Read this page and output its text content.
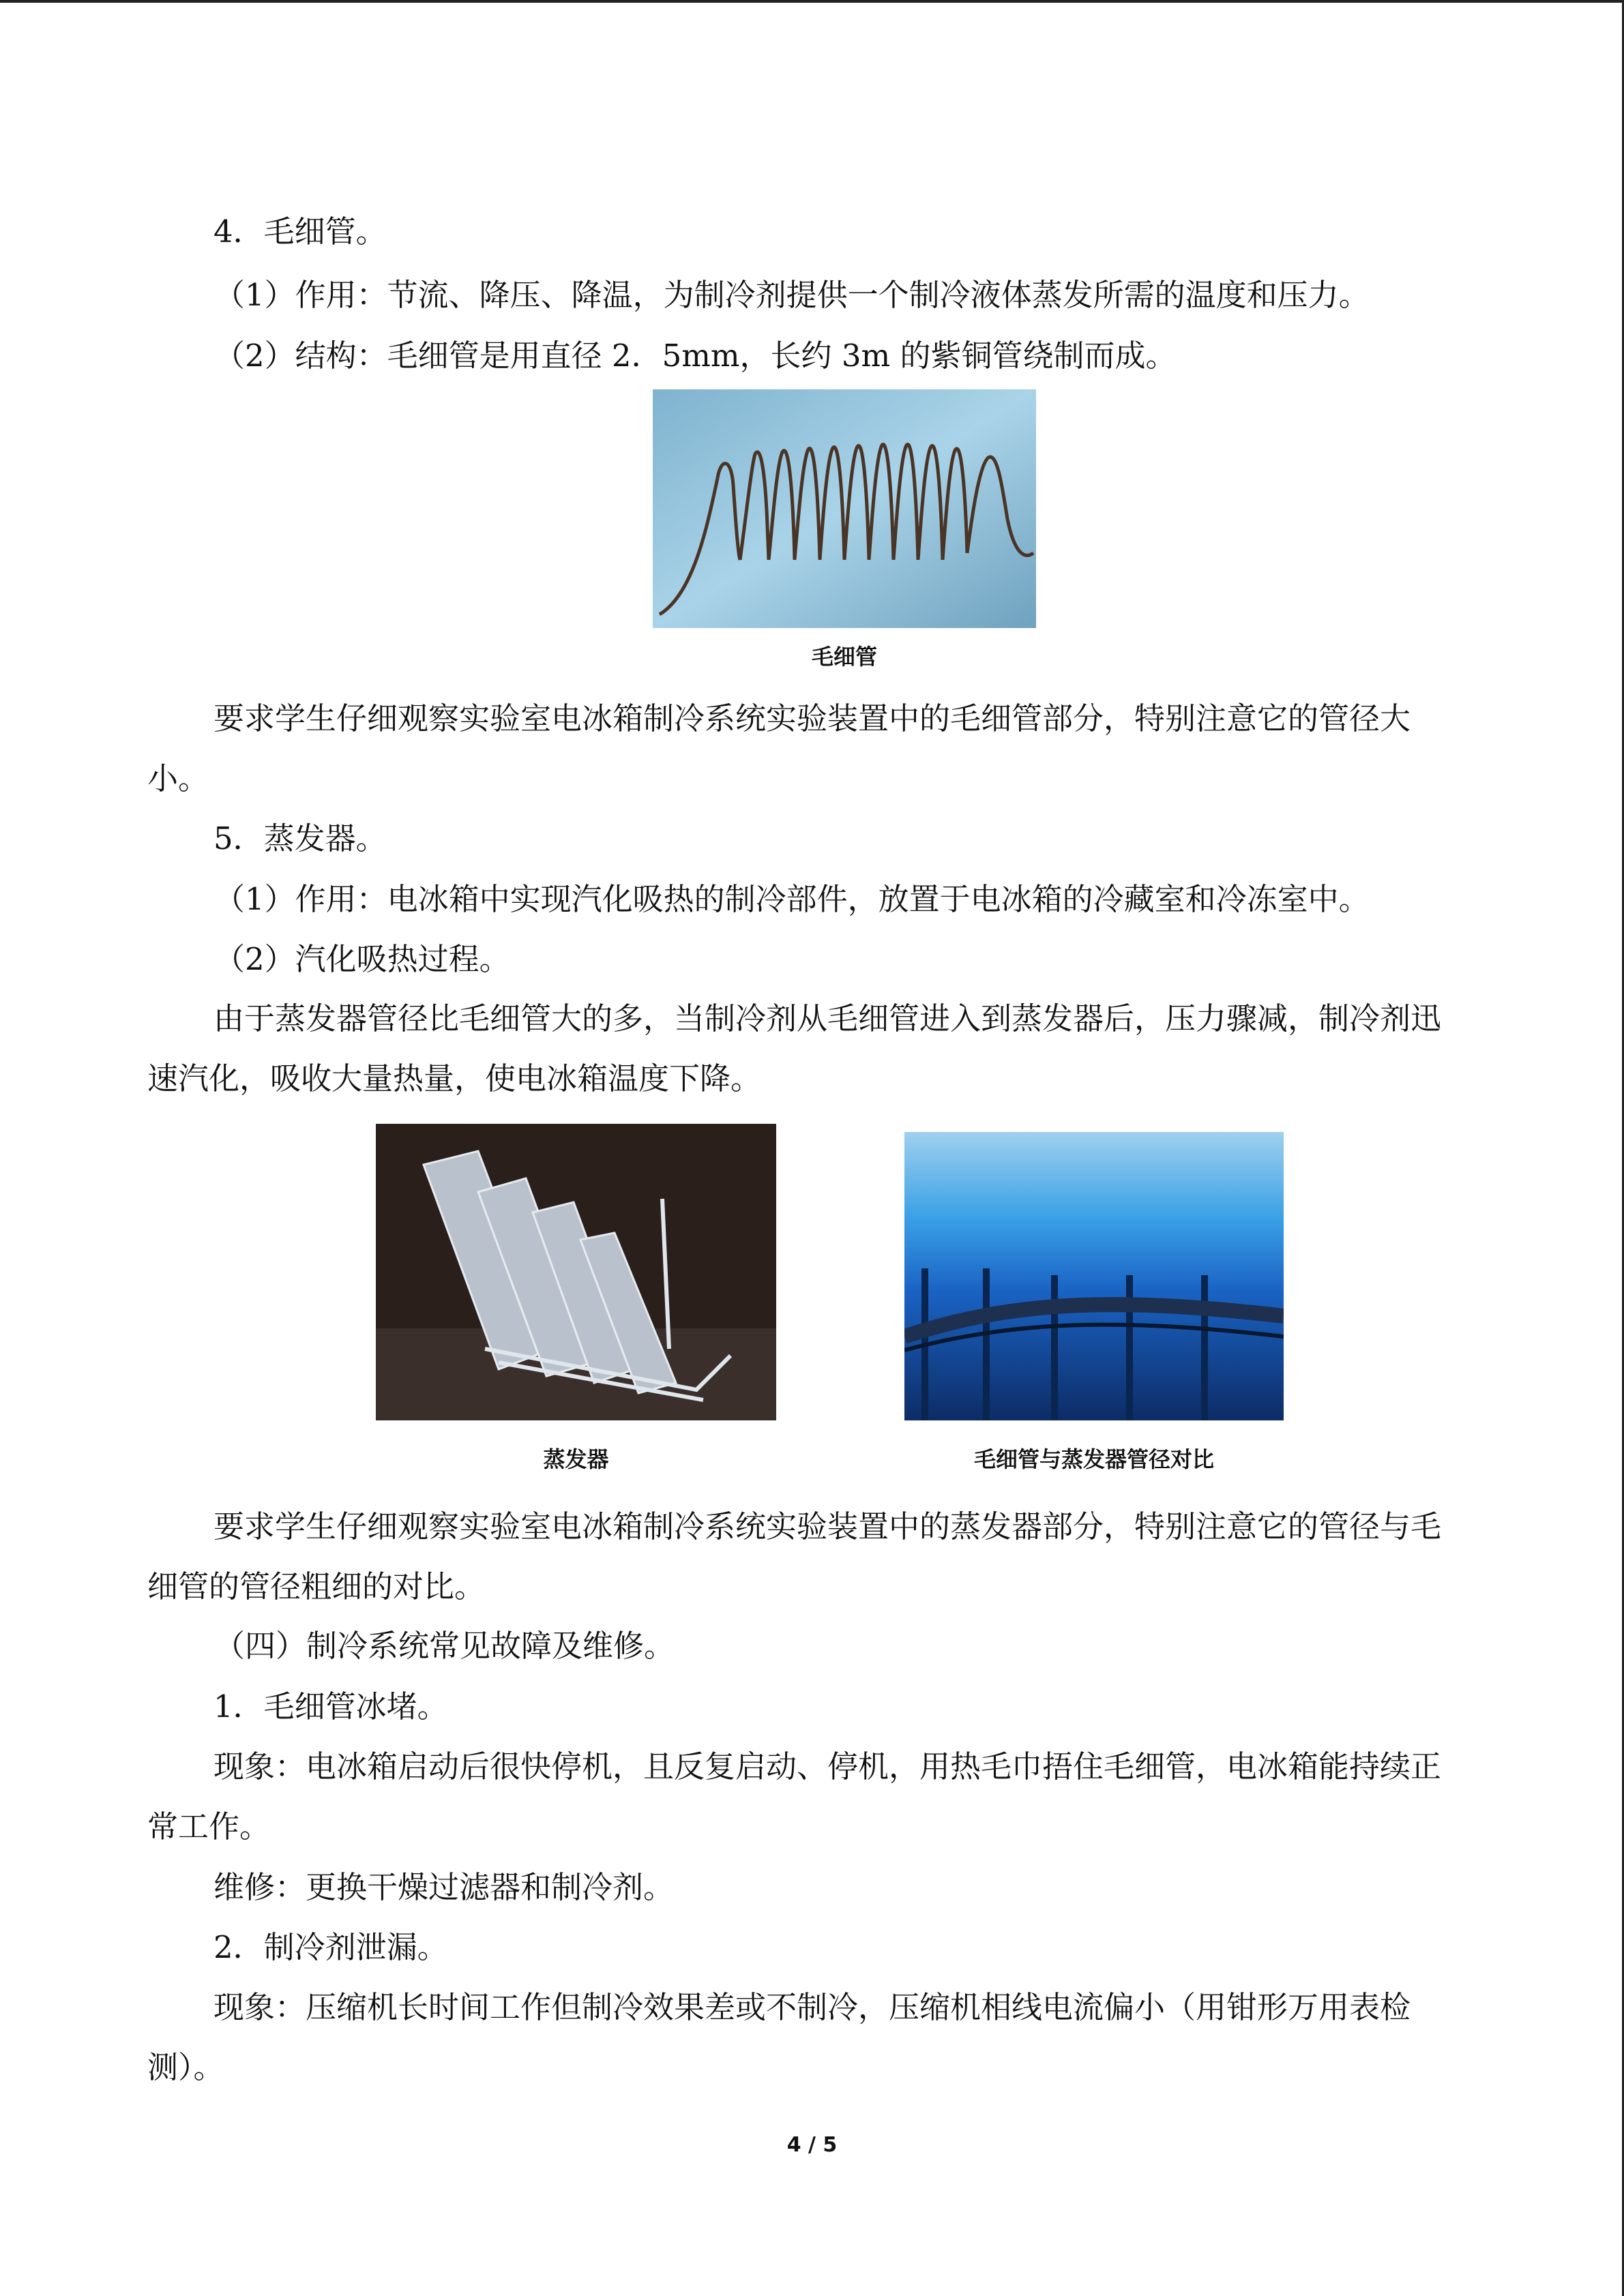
4．毛细管。

（1）作用：节流、降压、降温，为制冷剂提供一个制冷液体蒸发所需的温度和压力。

（2）结构：毛细管是用直径 2．5mm，长约 3m 的紫铜管绕制而成。

毛细管

要求学生仔细观察实验室电冰箱制冷系统实验装置中的毛细管部分，特别注意它的管径大小。

5．蒸发器。

（1）作用：电冰箱中实现汽化吸热的制冷部件，放置于电冰箱的冷藏室和冷冻室中。

（2）汽化吸热过程。

由于蒸发器管径比毛细管大的多，当制冷剂从毛细管进入到蒸发器后，压力骤减，制冷剂迅速汽化，吸收大量热量，使电冰箱温度下降。

蒸发器	毛细管与蒸发器管径对比

要求学生仔细观察实验室电冰箱制冷系统实验装置中的蒸发器部分，特别注意它的管径与毛细管的管径粗细的对比。

（四）制冷系统常见故障及维修。

1．毛细管冰堵。

现象：电冰箱启动后很快停机，且反复启动、停机，用热毛巾捂住毛细管，电冰箱能持续正常工作。

维修：更换干燥过滤器和制冷剂。

2．制冷剂泄漏。

现象：压缩机长时间工作但制冷效果差或不制冷，压缩机相线电流偏小（用钳形万用表检测）。

4 / 5
